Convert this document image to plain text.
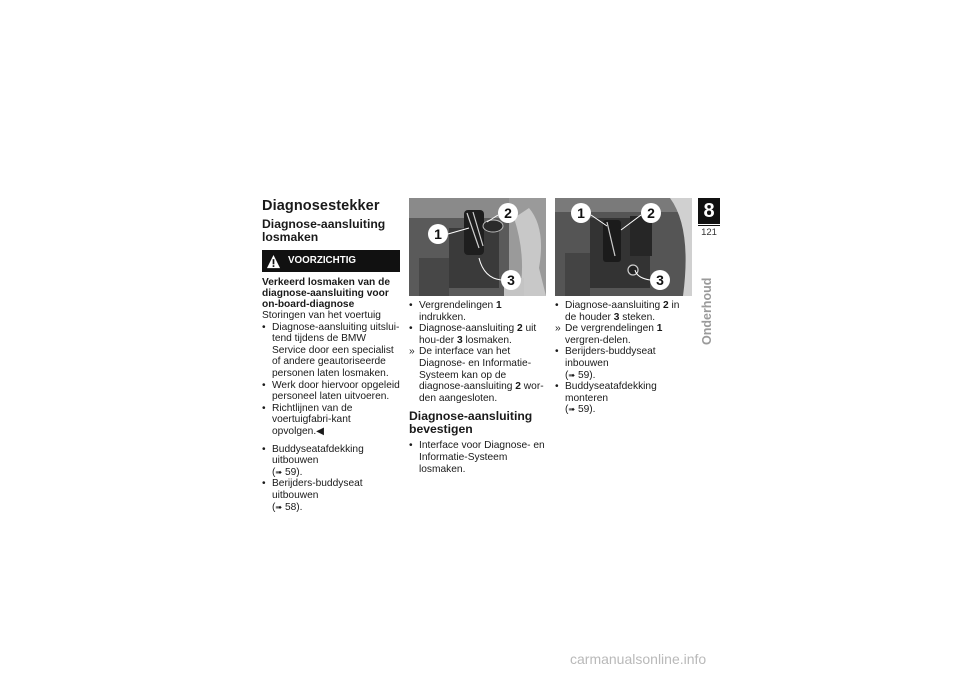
Diagnosestekker
Diagnose-aansluiting losmaken
VOORZICHTIG

Verkeerd losmaken van de diagnose-aansluiting voor on-board-diagnose

Storingen van het voertuig

• Diagnose-aansluiting uitslui-tend tijdens de BMW Service door een specialist of andere geautoriseerde personen laten losmaken.
• Werk door hiervoor opgeleid personeel laten uitvoeren.
• Richtlijnen van de voertuigfabri-kant opvolgen.◀
• Buddyseatafdekking uitbouwen
(➠ 59).
• Berijders-buddyseat uitbouwen
(➠ 58).
2
1
3
• Vergrendelingen 1 indrukken.
• Diagnose-aansluiting 2 uit hou-der 3 losmaken.
» De interface van het Diagnose- en Informatie-Systeem kan op de diagnose-aansluiting 2 wor-den aangesloten.
Diagnose-aansluiting bevestigen
• Interface voor Diagnose- en Informatie-Systeem losmaken.
1	2
3
• Diagnose-aansluiting 2 in de houder 3 steken.
» De vergrendelingen 1 vergren-delen.
• Berijders-buddyseat inbouwen
(➠ 59).
• Buddyseatafdekking monteren
(➠ 59).
8
121
Onderhoud
carmanualsonline.info
